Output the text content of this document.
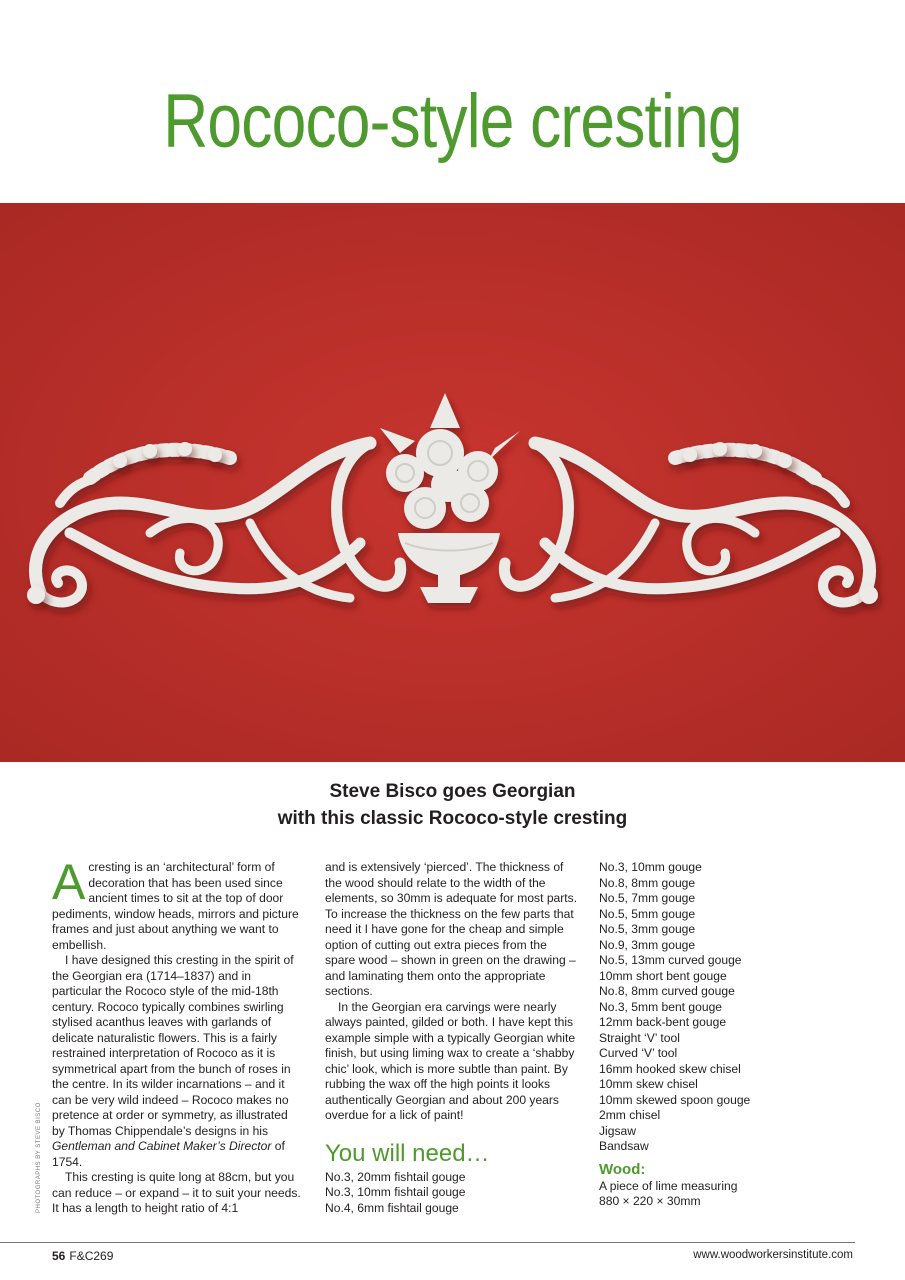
Rococo-style cresting
Steve Bisco goes Georgian
with this classic Rococo-style cresting

Acresting is an ‘architectural’ form of decoration that has been used since ancient times to sit at the top of door pediments, window heads, mirrors and picture frames and just about anything we want to embellish.

I have designed this cresting in the spirit of the Georgian era (1714–1837) and in particular the Rococo style of the mid-18th century. Rococo typically combines swirling stylised acanthus leaves with garlands of delicate naturalistic flowers. This is a fairly restrained interpretation of Rococo as it is symmetrical apart from the bunch of roses in the centre. In its wilder incarnations – and it can be very wild indeed – Rococo makes no pretence at order or symmetry, as illustrated by Thomas Chippendale’s designs in his Gentleman and Cabinet Maker’s Director of 1754.

This cresting is quite long at 88cm, but you can reduce – or expand – it to suit your needs. It has a length to height ratio of 4:1

and is extensively ‘pierced’. The thickness of the wood should relate to the width of the elements, so 30mm is adequate for most parts. To increase the thickness on the few parts that need it I have gone for the cheap and simple option of cutting out extra pieces from the spare wood – shown in green on the drawing – and laminating them onto the appropriate sections.

In the Georgian era carvings were nearly always painted, gilded or both. I have kept this example simple with a typically Georgian white finish, but using liming wax to create a ‘shabby chic’ look, which is more subtle than paint. By rubbing the wax off the high points it looks authentically Georgian and about 200 years overdue for a lick of paint!

You will need…
No.3, 20mm fishtail gouge
No.3, 10mm fishtail gouge
No.4, 6mm fishtail gouge
No.3, 10mm gouge
No.8, 8mm gouge
No.5, 7mm gouge
No.5, 5mm gouge
No.5, 3mm gouge
No.9, 3mm gouge
No.5, 13mm curved gouge
10mm short bent gouge
No.8, 8mm curved gouge
No.3, 5mm bent gouge
12mm back-bent gouge
Straight ‘V’ tool
Curved ‘V’ tool
16mm hooked skew chisel
10mm skew chisel
10mm skewed spoon gouge
2mm chisel
Jigsaw
Bandsaw
Wood:
A piece of lime measuring
880 × 220 × 30mm
PHOTOGRAPHS BY STEVE BISCO
56 F&C269	www.woodworkersinstitute.com
